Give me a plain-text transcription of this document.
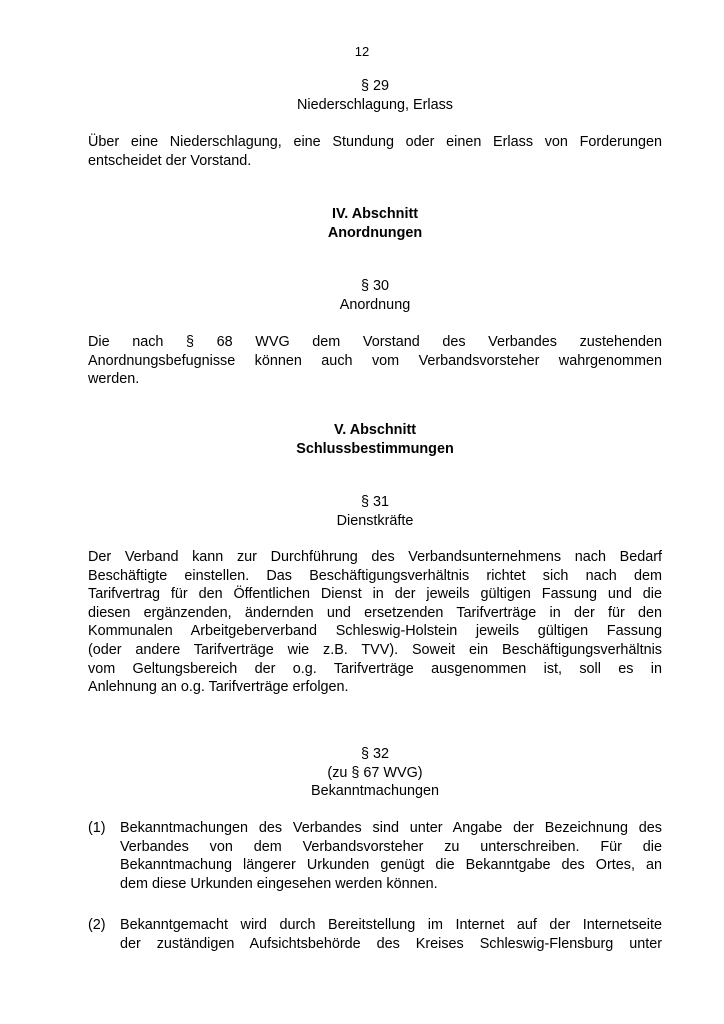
12
§ 29
Niederschlagung, Erlass
Über eine Niederschlagung, eine Stundung oder einen Erlass von Forderungen
entscheidet der Vorstand.
IV. Abschnitt
Anordnungen
§ 30
Anordnung
Die nach § 68 WVG dem Vorstand des Verbandes zustehenden
Anordnungsbefugnisse können auch vom Verbandsvorsteher wahrgenommen
werden.
V. Abschnitt
Schlussbestimmungen
§ 31
Dienstkräfte
Der Verband kann zur Durchführung des Verbandsunternehmens nach Bedarf
Beschäftigte einstellen. Das Beschäftigungsverhältnis richtet sich nach dem
Tarifvertrag für den Öffentlichen Dienst in der jeweils gültigen Fassung und die
diesen ergänzenden, ändernden und ersetzenden Tarifverträge in der für den
Kommunalen Arbeitgeberverband Schleswig-Holstein jeweils gültigen Fassung
(oder andere Tarifverträge wie z.B. TVV). Soweit ein Beschäftigungsverhältnis
vom Geltungsbereich der o.g. Tarifverträge ausgenommen ist, soll es in
Anlehnung an o.g. Tarifverträge erfolgen.
§ 32
(zu § 67 WVG)
Bekanntmachungen
(1) Bekanntmachungen des Verbandes sind unter Angabe der Bezeichnung des
Verbandes von dem Verbandsvorsteher zu unterschreiben. Für die
Bekanntmachung längerer Urkunden genügt die Bekanntgabe des Ortes, an
dem diese Urkunden eingesehen werden können.
(2) Bekanntgemacht wird durch Bereitstellung im Internet auf der Internetseite
der zuständigen Aufsichtsbehörde des Kreises Schleswig-Flensburg unter
